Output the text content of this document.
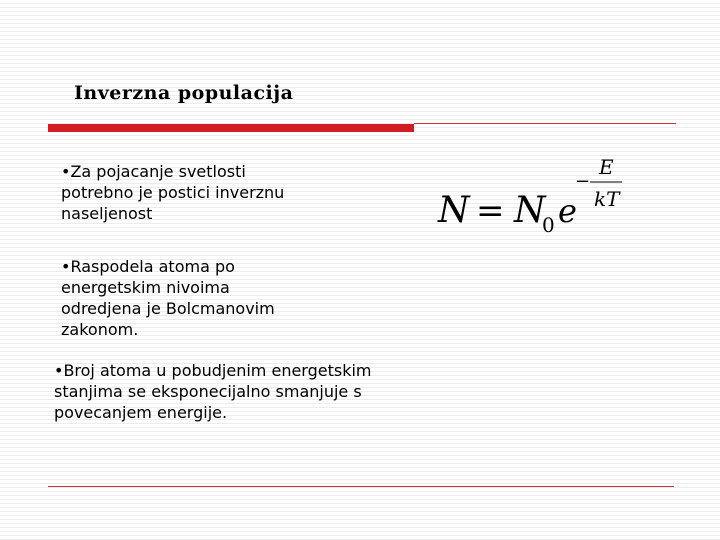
Inverzna populacija
•Za pojacanje svetlosti
potrebno je postici inverznu
naseljenost
•Raspodela atoma po
energetskim nivoima
odredjena je Bolcmanovim
zakonom.
•Broj atoma u pobudjenim energetskim
stanjima se eksponecijalno smanjuje s
povecanjem energije.
N = N
0 e
−
E
kT
